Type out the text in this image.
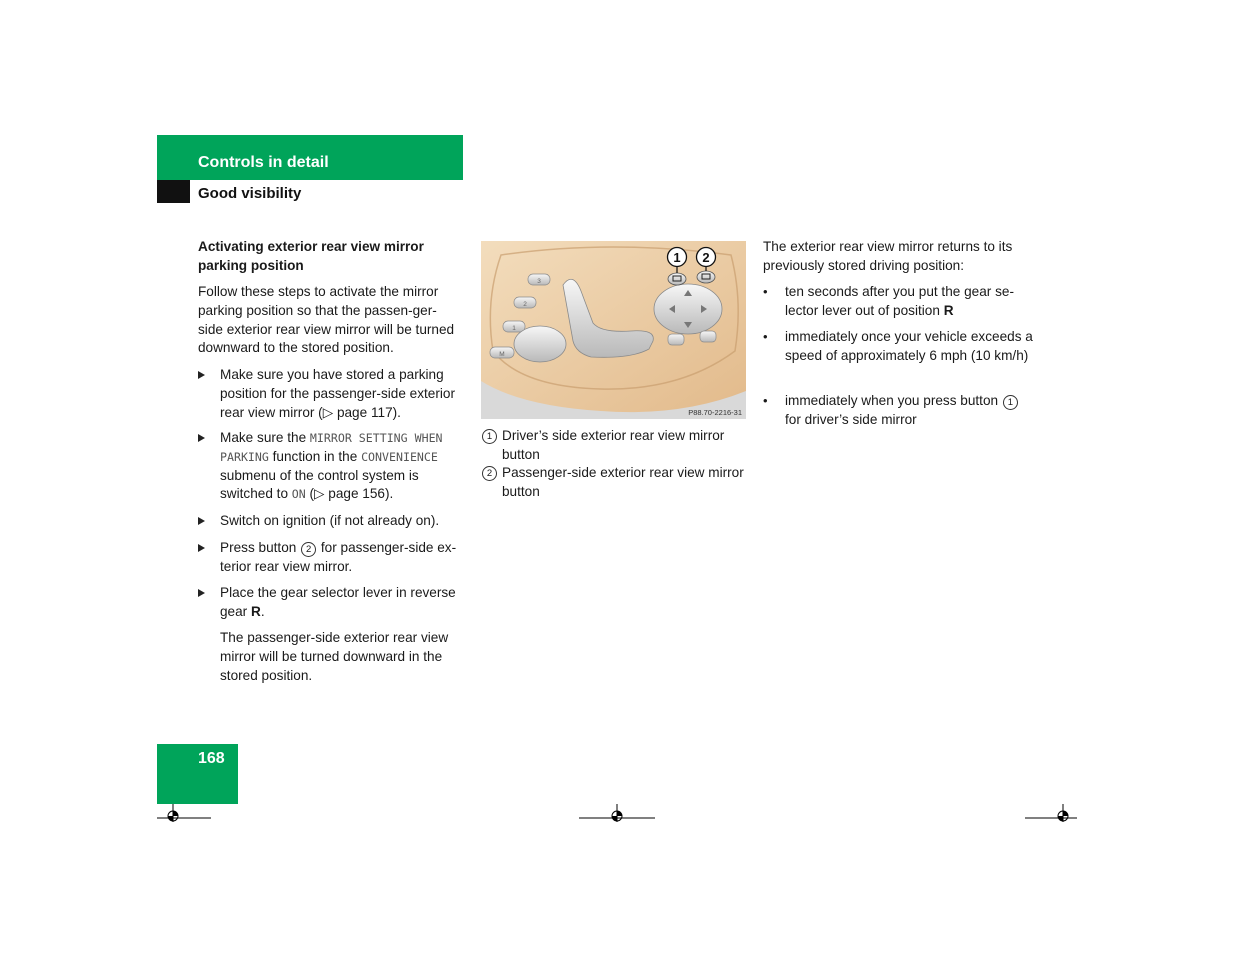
Controls in detail
Good visibility
Activating exterior rear view mirror parking position
Follow these steps to activate the mirror parking position so that the passen-ger-side exterior rear view mirror will be turned downward to the stored position.
Make sure you have stored a parking position for the passenger-side exterior rear view mirror (▷ page 117).
Make sure the MIRROR SETTING WHEN PARKING function in the CONVENIENCE submenu of the control system is switched to ON (▷ page 156).
Switch on ignition (if not already on).
Press button 2 for passenger-side ex-terior rear view mirror.
Place the gear selector lever in reverse gear R.
The passenger-side exterior rear view mirror will be turned downward in the stored position.
1 2
3
2
1
M
P88.70-2216-31
1 Driver’s side exterior rear view mirror button
2 Passenger-side exterior rear view mirror button
The exterior rear view mirror returns to its previously stored driving position:
• ten seconds after you put the gear se-lector lever out of position R
• immediately once your vehicle exceeds a speed of approximately 6 mph (10 km/h)
• immediately when you press button 1 for driver’s side mirror
168
